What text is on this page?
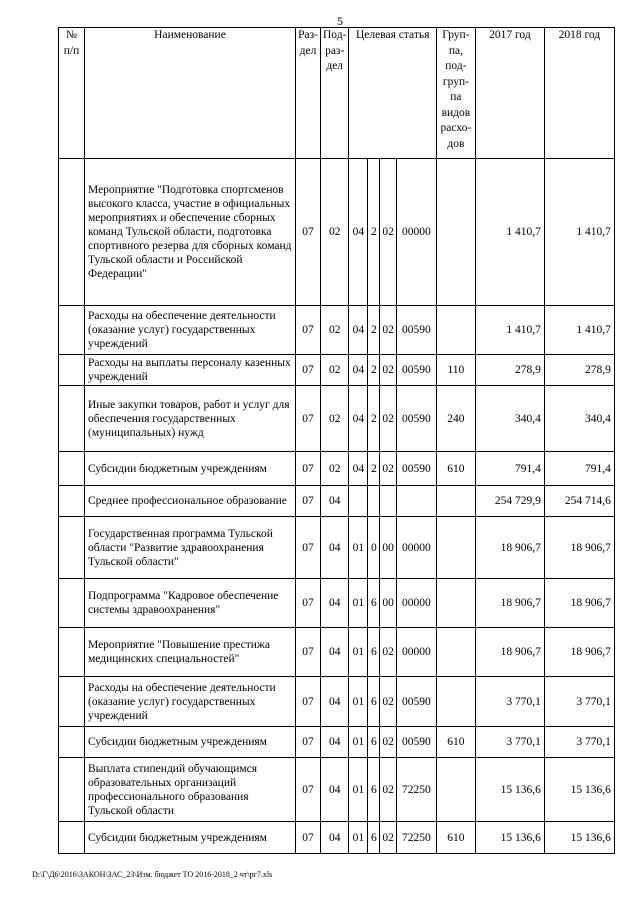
5
№ п/п	Наименование	Раз-дел	Под-раз-дел	Целевая статья				Груп-па, под-груп-па видов расхо-дов	2017 год	2018 год
	Мероприятие "Подготовка спортсменов высокого класса, участие в официальных мероприятиях и обеспечение сборных команд Тульской области, подготовка спортивного резерва для сборных команд Тульской области и Российской Федерации"	07	02	04	2	02	00000		1 410,7	1 410,7
	Расходы на обеспечение деятельности (оказание услуг) государственных учреждений	07	02	04	2	02	00590		1 410,7	1 410,7
	Расходы на выплаты персоналу казенных учреждений	07	02	04	2	02	00590	110	278,9	278,9
	Иные закупки товаров, работ и услуг для обеспечения государственных (муниципальных) нужд	07	02	04	2	02	00590	240	340,4	340,4
	Субсидии бюджетным учреждениям	07	02	04	2	02	00590	610	791,4	791,4
	Среднее профессиональное образование	07	04						254 729,9	254 714,6
	Государственная программа Тульской области "Развитие здравоохранения Тульской области"	07	04	01	0	00	00000		18 906,7	18 906,7
	Подпрограмма "Кадровое обеспечение системы здравоохранения"	07	04	01	6	00	00000		18 906,7	18 906,7
	Мероприятие "Повышение престижа медицинских специальностей"	07	04	01	6	02	00000		18 906,7	18 906,7
	Расходы на обеспечение деятельности (оказание услуг) государственных учреждений	07	04	01	6	02	00590		3 770,1	3 770,1
	Субсидии бюджетным учреждениям	07	04	01	6	02	00590	610	3 770,1	3 770,1
	Выплата стипендий обучающимся образовательных организаций профессионального образования Тульской области	07	04	01	6	02	72250		15 136,6	15 136,6
	Субсидии бюджетным учреждениям	07	04	01	6	02	72250	610	15 136,6	15 136,6
D:\Г\Д6\2016\ЗАКОН\ЗАС_23\Изм. бюджет ТО 2016-2018_2 чт\рг7.xls
